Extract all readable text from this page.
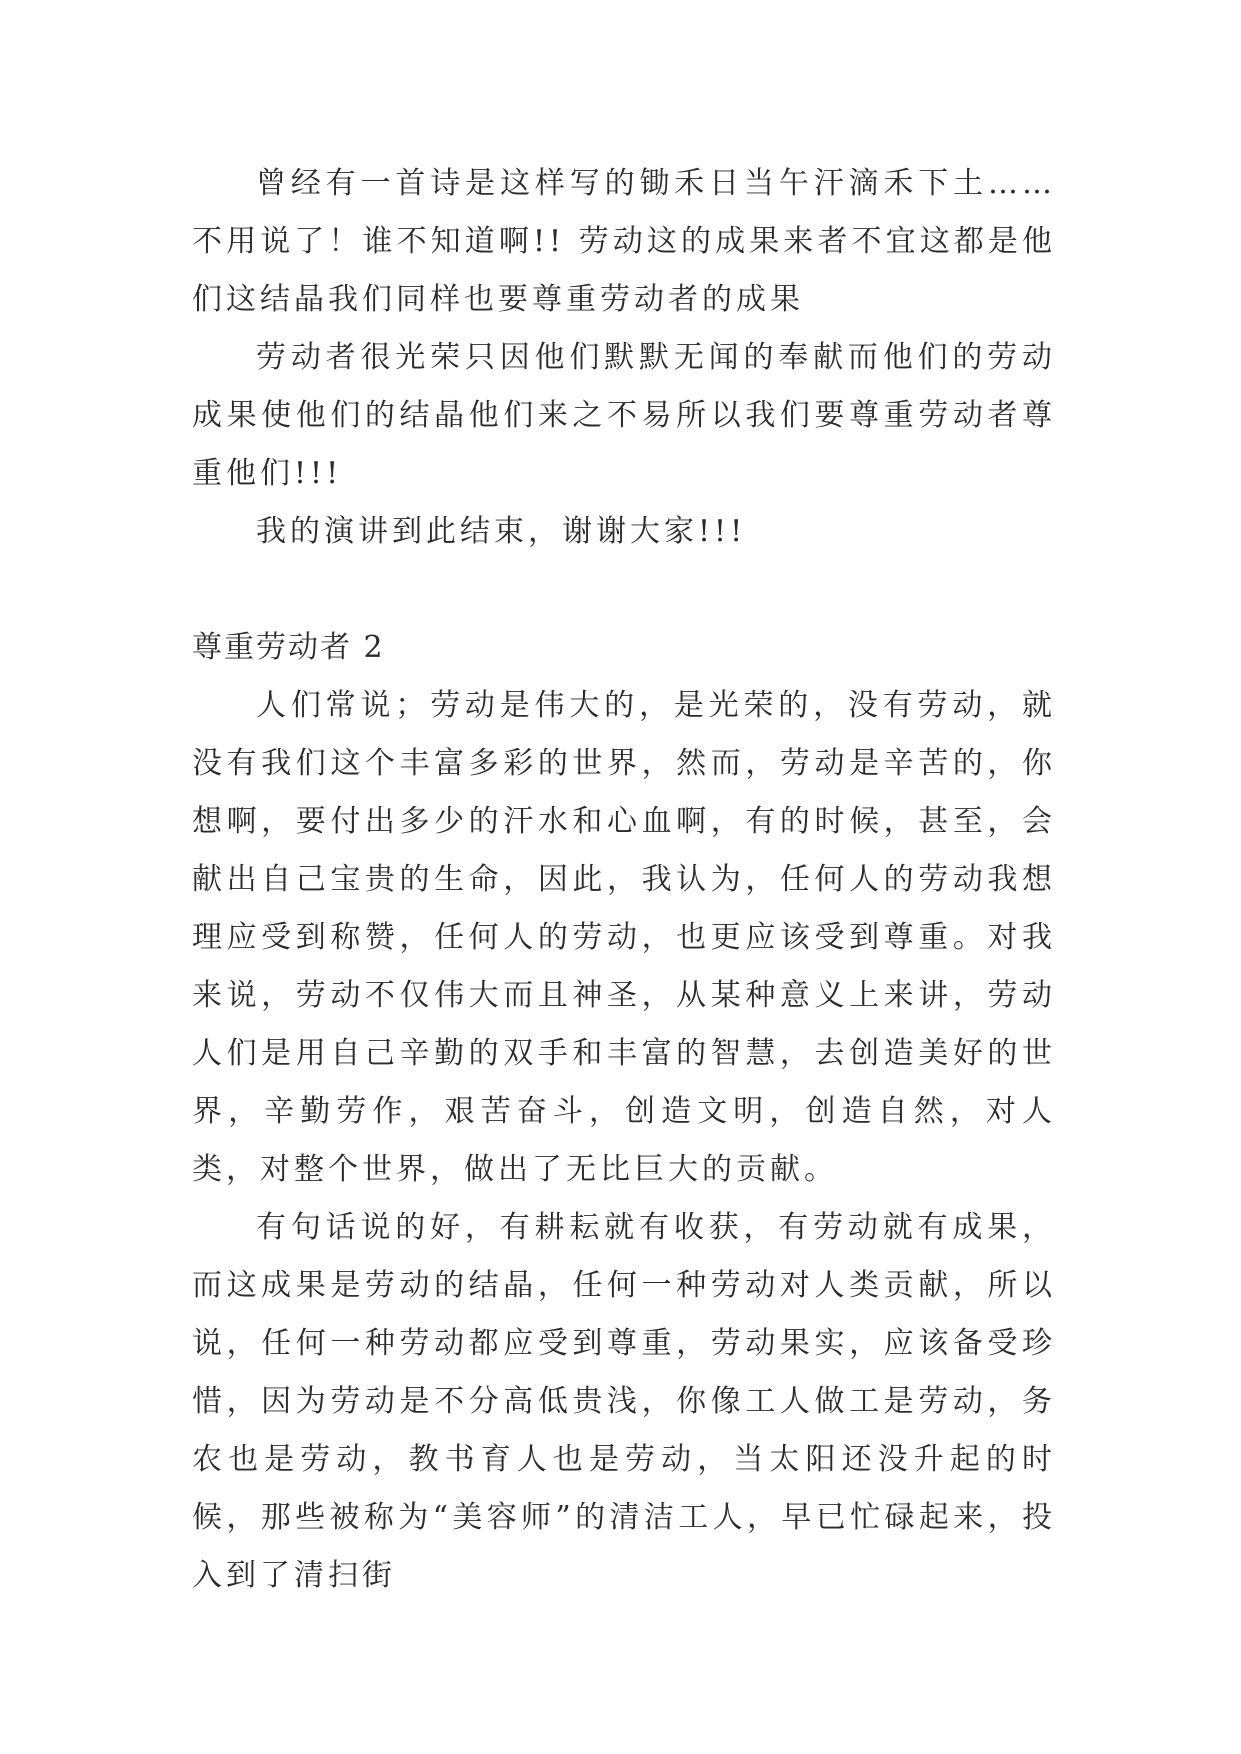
曾经有一首诗是这样写的锄禾日当午汗滴禾下土……不用说了！谁不知道啊!! 劳动这的成果来者不宜这都是他们这结晶我们同样也要尊重劳动者的成果

劳动者很光荣只因他们默默无闻的奉献而他们的劳动成果使他们的结晶他们来之不易所以我们要尊重劳动者尊重他们!!!

我的演讲到此结束，谢谢大家!!!

尊重劳动者 2

人们常说；劳动是伟大的，是光荣的，没有劳动，就没有我们这个丰富多彩的世界，然而，劳动是辛苦的，你想啊，要付出多少的汗水和心血啊，有的时候，甚至，会献出自己宝贵的生命，因此，我认为，任何人的劳动我想理应受到称赞，任何人的劳动，也更应该受到尊重。对我来说，劳动不仅伟大而且神圣，从某种意义上来讲，劳动人们是用自己辛勤的双手和丰富的智慧，去创造美好的世界，辛勤劳作，艰苦奋斗，创造文明，创造自然，对人类，对整个世界，做出了无比巨大的贡献。

有句话说的好，有耕耘就有收获，有劳动就有成果，而这成果是劳动的结晶，任何一种劳动对人类贡献，所以说，任何一种劳动都应受到尊重，劳动果实，应该备受珍惜，因为劳动是不分高低贵浅，你像工人做工是劳动，务农也是劳动，教书育人也是劳动，当太阳还没升起的时候，那些被称为“美容师”的清洁工人，早已忙碌起来，投入到了清扫街
